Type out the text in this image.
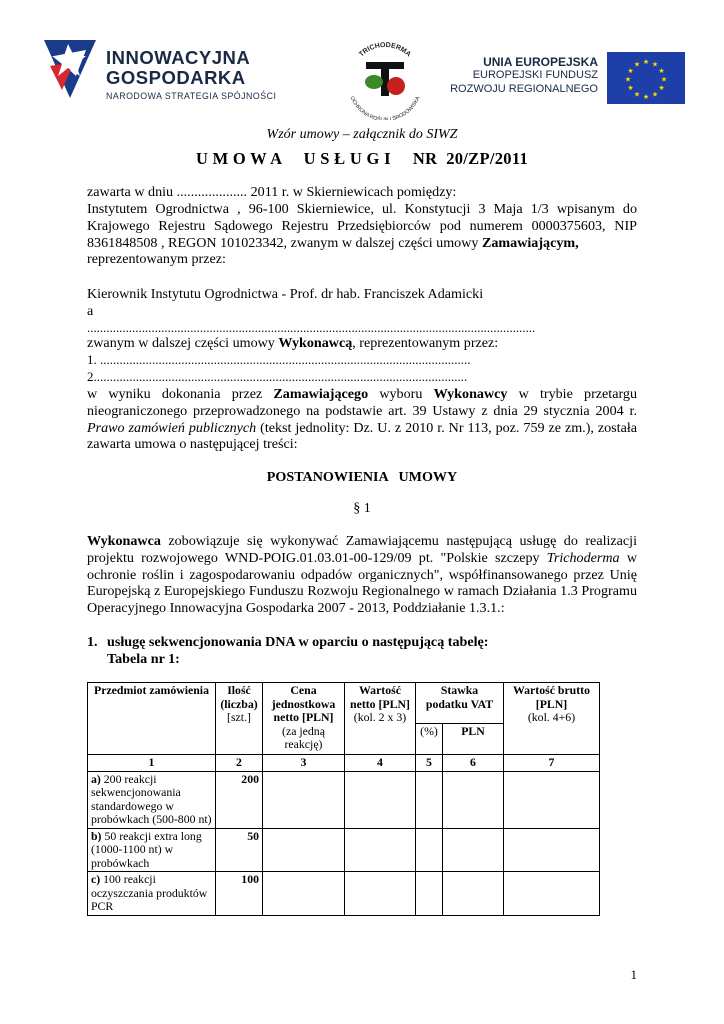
INNOWACYJNA
GOSPODARKA
NARODOWA STRATEGIA SPÓJNOŚCI
TRICHODERMA
OCHRONA ROŚLIN I ŚRODOWISKA
UNIA EUROPEJSKA
EUROPEJSKI FUNDUSZ
ROZWOJU REGIONALNEGO
★ ★
★
★
★
★
★
★
★
★
★
★
Wzór umowy – załącznik do SIWZ
U M O W A     U S Ł U G I     NR  20/ZP/2011
zawarta w dniu .................... 2011 r. w Skierniewicach pomiędzy:
Instytutem Ogrodnictwa , 96-100 Skierniewice, ul. Konstytucji 3 Maja 1/3 wpisanym do Krajowego Rejestru Sądowego Rejestru Przedsiębiorców pod numerem 0000375603, NIP 8361848508 , REGON 101023342, zwanym w dalszej części umowy Zamawiającym,
reprezentowanym przez:
Kierownik Instytutu Ogrodnictwa - Prof. dr hab. Franciszek Adamicki
a
...........................................................................................................................................
zwanym w dalszej części umowy Wykonawcą, reprezentowanym przez:
1. ..................................................................................................................
2...................................................................................................................
w wyniku dokonania przez Zamawiającego wyboru Wykonawcy w trybie przetargu nieograniczonego przeprowadzonego na podstawie art. 39 Ustawy z dnia 29 stycznia 2004 r. Prawo zamówień publicznych (tekst jednolity: Dz. U. z 2010 r. Nr 113, poz. 759 ze zm.), została zawarta umowa o następującej treści:
POSTANOWIENIA   UMOWY
§ 1
Wykonawca zobowiązuje się wykonywać Zamawiającemu następującą usługę do realizacji projektu rozwojowego WND-POIG.01.03.01-00-129/09 pt. "Polskie szczepy Trichoderma w ochronie roślin i zagospodarowaniu odpadów organicznych", współfinansowanego przez Unię Europejską z Europejskiego Funduszu Rozwoju Regionalnego w ramach Działania 1.3 Programu Operacyjnego Innowacyjna Gospodarka 2007 - 2013, Poddziałanie 1.3.1.:
1. usługę sekwencjonowania DNA w oparciu o następującą tabelę:
Tabela nr 1:
Przedmiot zamówienia	Ilość (liczba)
[szt.]	Cena jednostkowa netto [PLN]
(za jedną reakcję)	Wartość netto [PLN]
(kol. 2 x 3)	Stawka podatku VAT		Wartość brutto [PLN]
(kol. 4+6)
				(%)	PLN	
1	2	3	4	5	6	7
a) 200 reakcji sekwencjonowania standardowego w probówkach (500-800 nt)	200					
b) 50 reakcji extra long (1000-1100 nt) w probówkach	50					
c) 100 reakcji oczyszczania produktów PCR	100					
1
